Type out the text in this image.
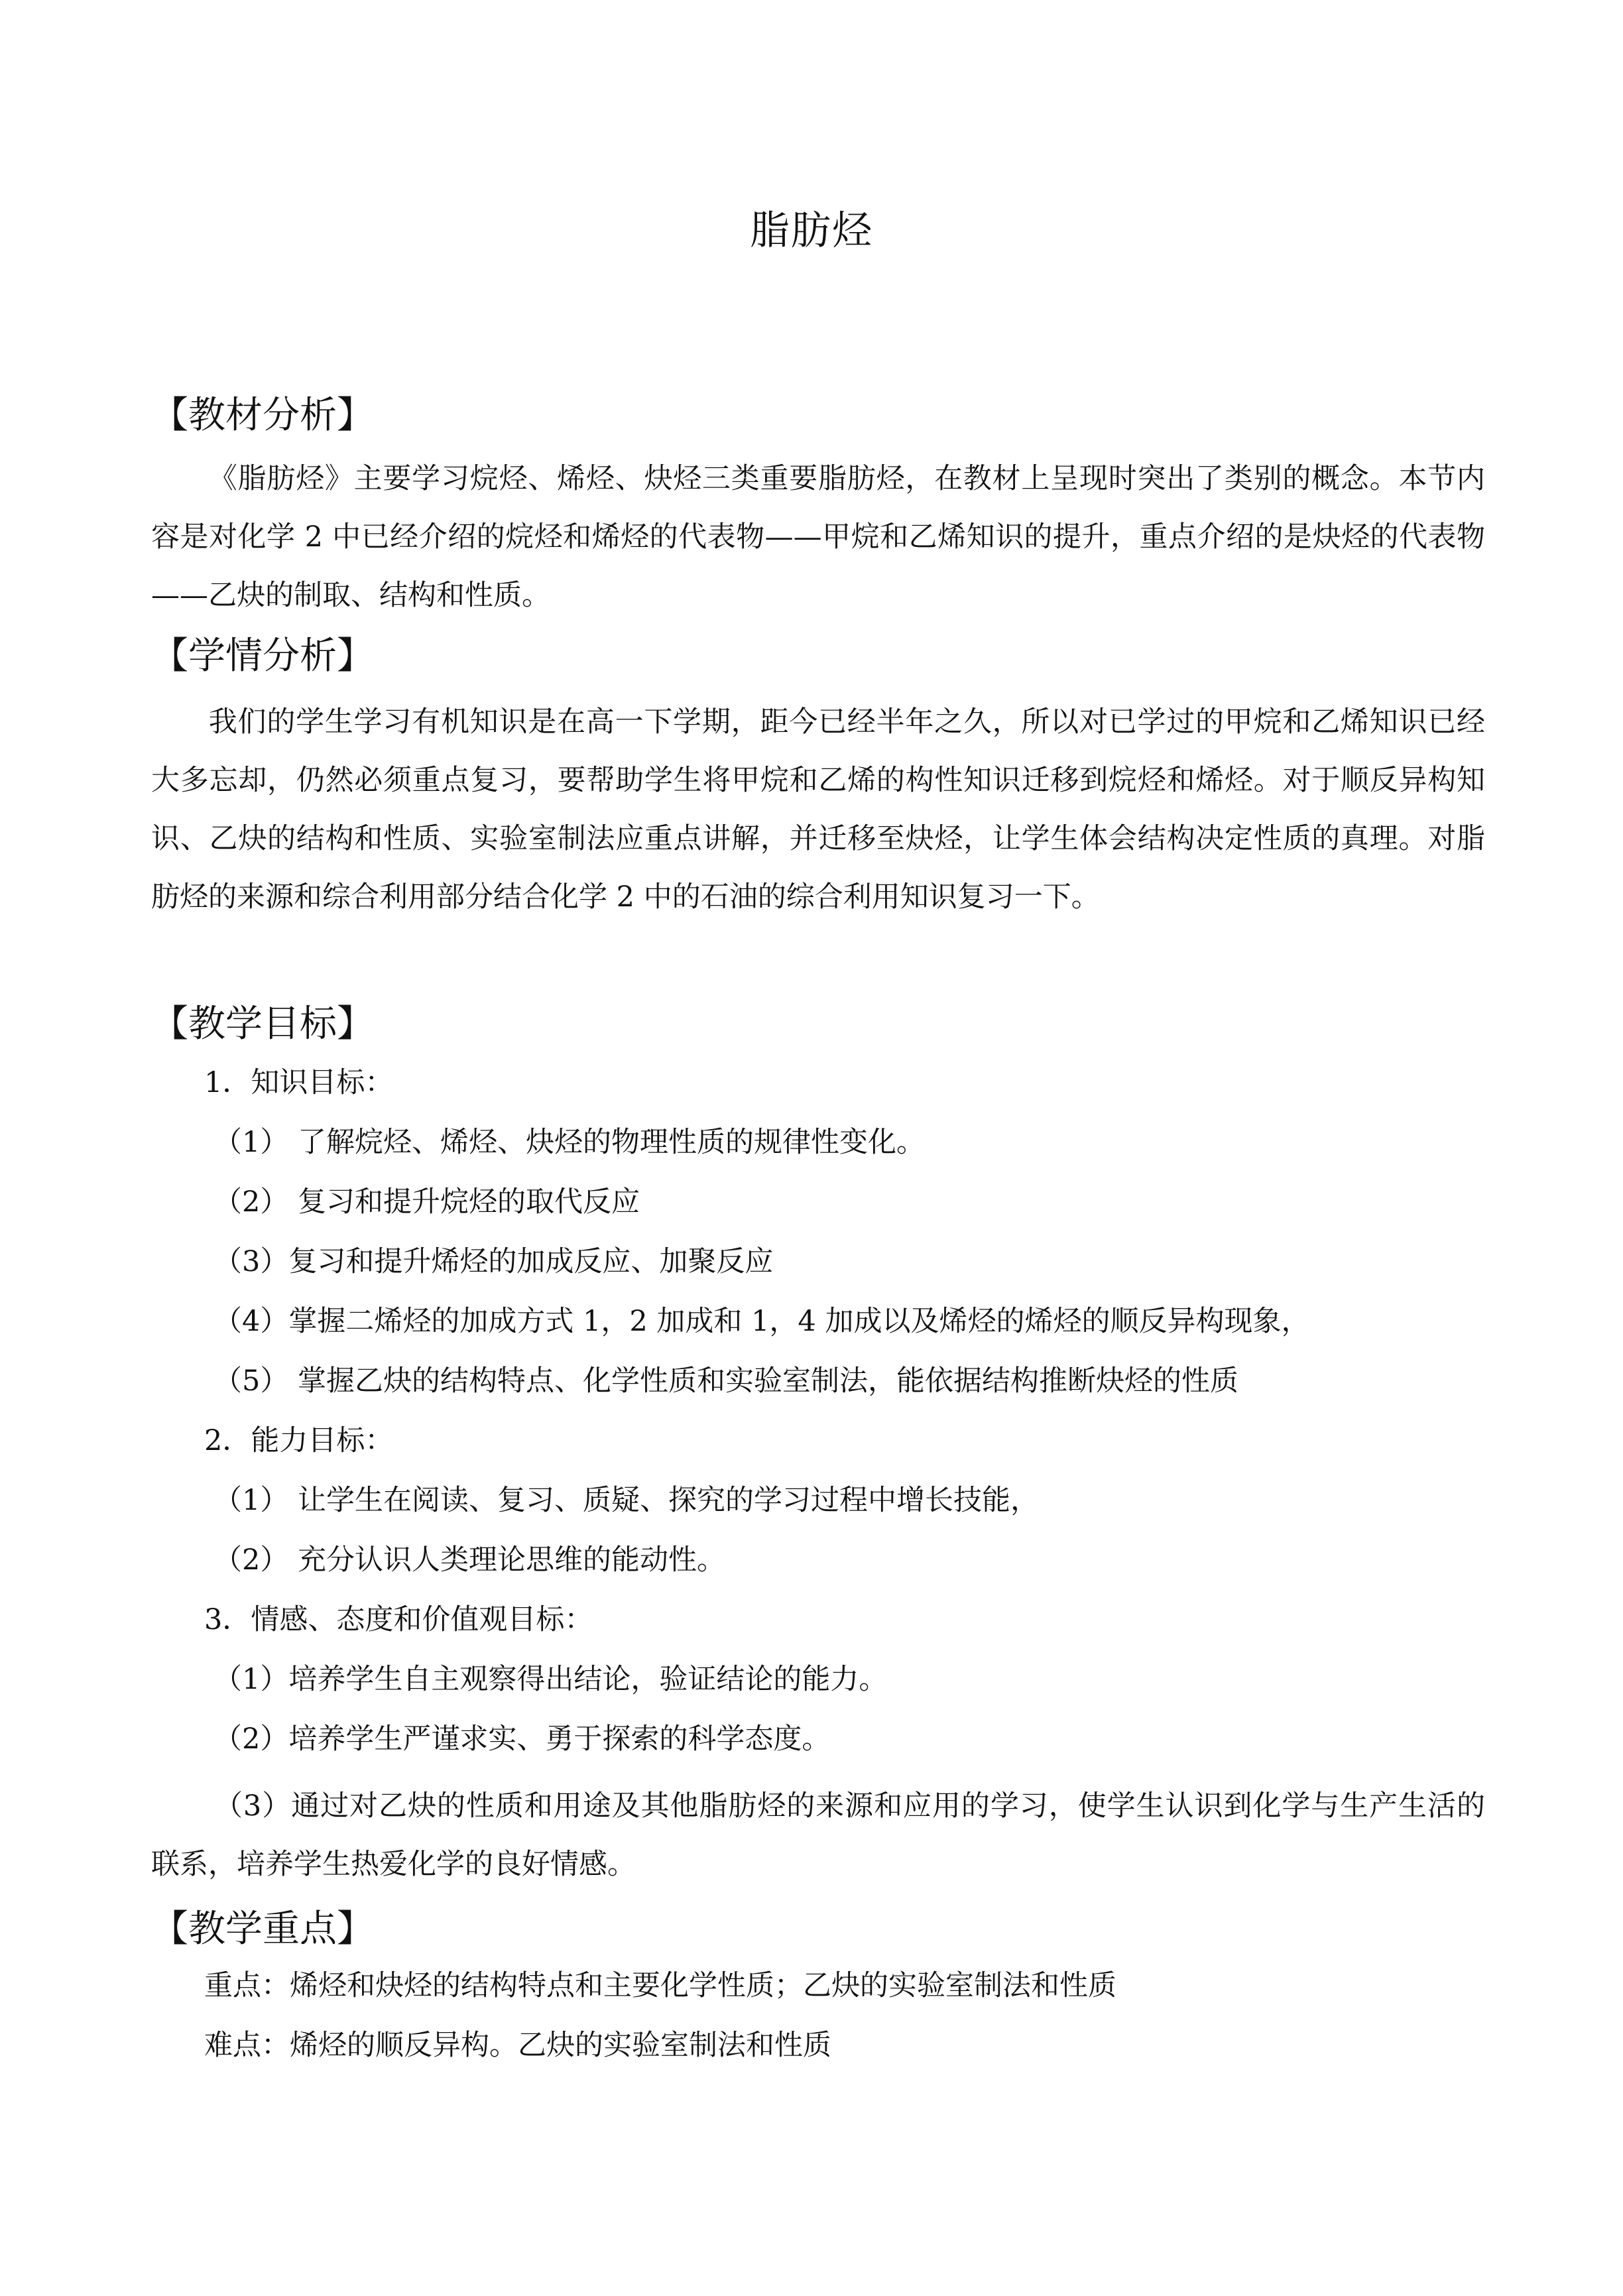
脂肪烃
【教材分析】
《脂肪烃》主要学习烷烃、烯烃、炔烃三类重要脂肪烃，在教材上呈现时突出了类别的概念。本节内容是对化学 2 中已经介绍的烷烃和烯烃的代表物——甲烷和乙烯知识的提升，重点介绍的是炔烃的代表物——乙炔的制取、结构和性质。
【学情分析】
我们的学生学习有机知识是在高一下学期，距今已经半年之久，所以对已学过的甲烷和乙烯知识已经大多忘却，仍然必须重点复习，要帮助学生将甲烷和乙烯的构性知识迁移到烷烃和烯烃。对于顺反异构知识、乙炔的结构和性质、实验室制法应重点讲解，并迁移至炔烃，让学生体会结构决定性质的真理。对脂肪烃的来源和综合利用部分结合化学 2 中的石油的综合利用知识复习一下。
【教学目标】
1．知识目标：
（1） 了解烷烃、烯烃、炔烃的物理性质的规律性变化。
（2） 复习和提升烷烃的取代反应
（3）复习和提升烯烃的加成反应、加聚反应
（4）掌握二烯烃的加成方式 1，2 加成和 1，4 加成以及烯烃的烯烃的顺反异构现象，
（5） 掌握乙炔的结构特点、化学性质和实验室制法，能依据结构推断炔烃的性质
2．能力目标：
（1） 让学生在阅读、复习、质疑、探究的学习过程中增长技能，
（2） 充分认识人类理论思维的能动性。
3．情感、态度和价值观目标：
（1）培养学生自主观察得出结论，验证结论的能力。
（2）培养学生严谨求实、勇于探索的科学态度。
（3）通过对乙炔的性质和用途及其他脂肪烃的来源和应用的学习，使学生认识到化学与生产生活的联系，培养学生热爱化学的良好情感。
【教学重点】
重点：烯烃和炔烃的结构特点和主要化学性质；乙炔的实验室制法和性质
难点：烯烃的顺反异构。乙炔的实验室制法和性质
